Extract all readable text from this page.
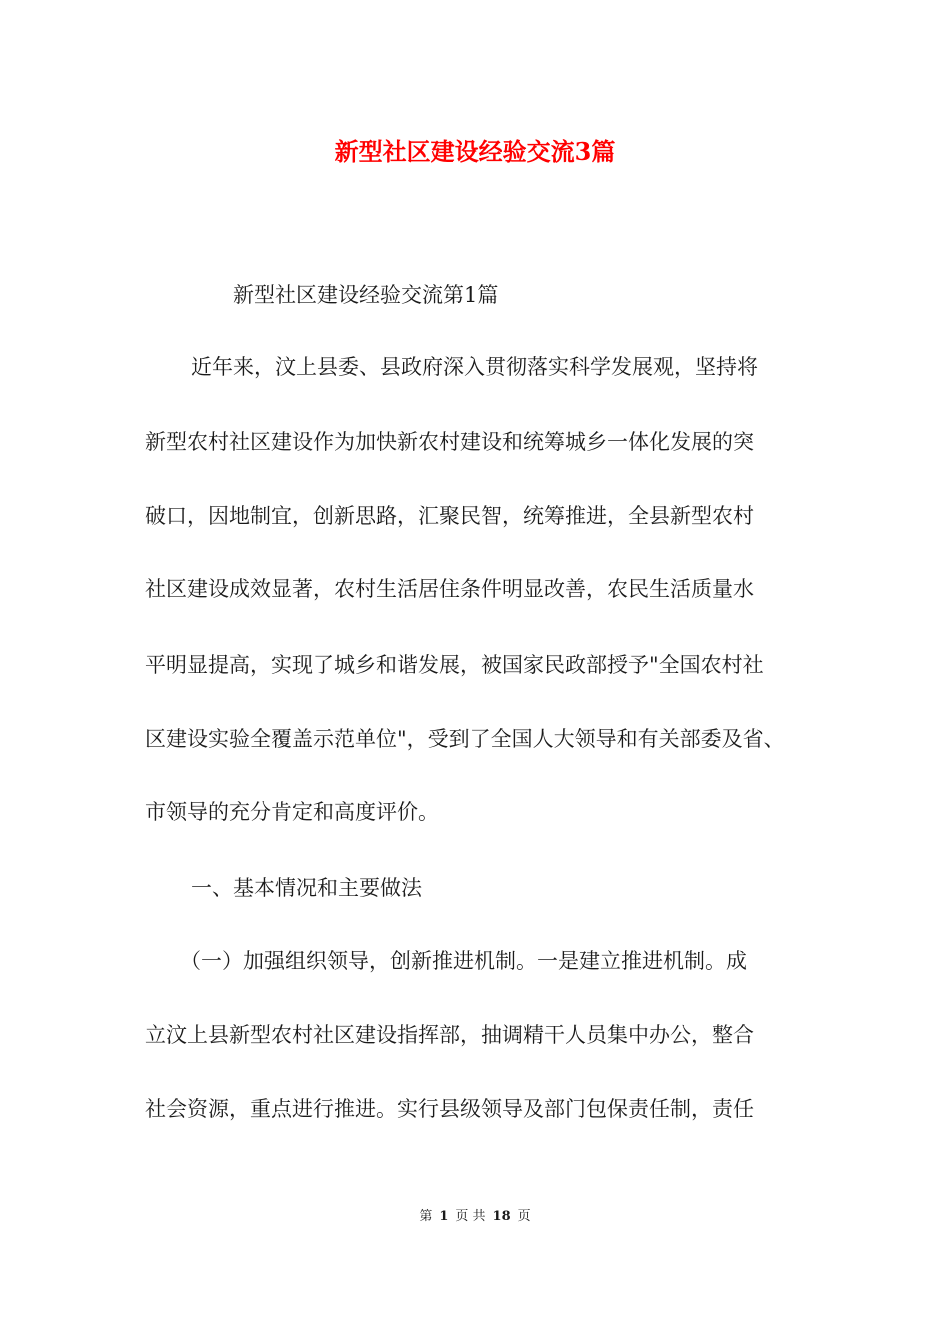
新型社区建设经验交流3篇
新型社区建设经验交流第1篇
近年来，汶上县委、县政府深入贯彻落实科学发展观，坚持将
新型农村社区建设作为加快新农村建设和统筹城乡一体化发展的突
破口，因地制宜，创新思路，汇聚民智，统筹推进，全县新型农村
社区建设成效显著，农村生活居住条件明显改善，农民生活质量水
平明显提高，实现了城乡和谐发展，被国家民政部授予"全国农村社
区建设实验全覆盖示范单位"，受到了全国人大领导和有关部委及省、
市领导的充分肯定和高度评价。
一、基本情况和主要做法
（一）加强组织领导，创新推进机制。一是建立推进机制。成
立汶上县新型农村社区建设指挥部，抽调精干人员集中办公，整合
社会资源，重点进行推进。实行县级领导及部门包保责任制，责任
第 1 页 共 18 页
